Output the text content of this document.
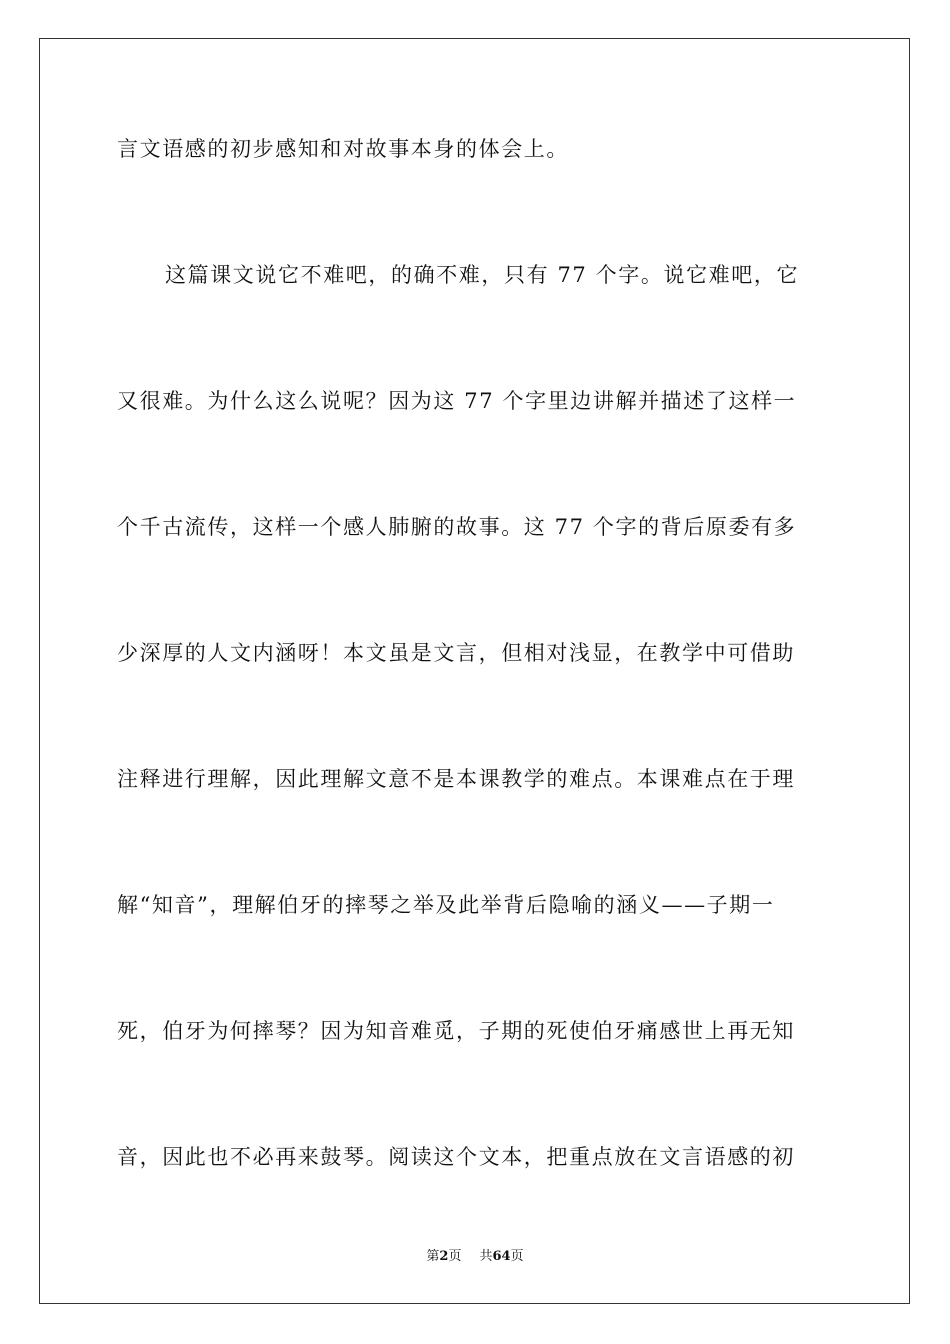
言文语感的初步感知和对故事本身的体会上。

这篇课文说它不难吧，的确不难，只有 77 个字。说它难吧，它

又很难。为什么这么说呢？因为这 77 个字里边讲解并描述了这样一

个千古流传，这样一个感人肺腑的故事。这 77 个字的背后原委有多

少深厚的人文内涵呀！本文虽是文言，但相对浅显，在教学中可借助

注释进行理解，因此理解文意不是本课教学的难点。本课难点在于理

解“知音”，理解伯牙的摔琴之举及此举背后隐喻的涵义——子期一

死，伯牙为何摔琴？因为知音难觅，子期的死使伯牙痛感世上再无知

音，因此也不必再来鼓琴。阅读这个文本，把重点放在文言语感的初

第2页 共64页
